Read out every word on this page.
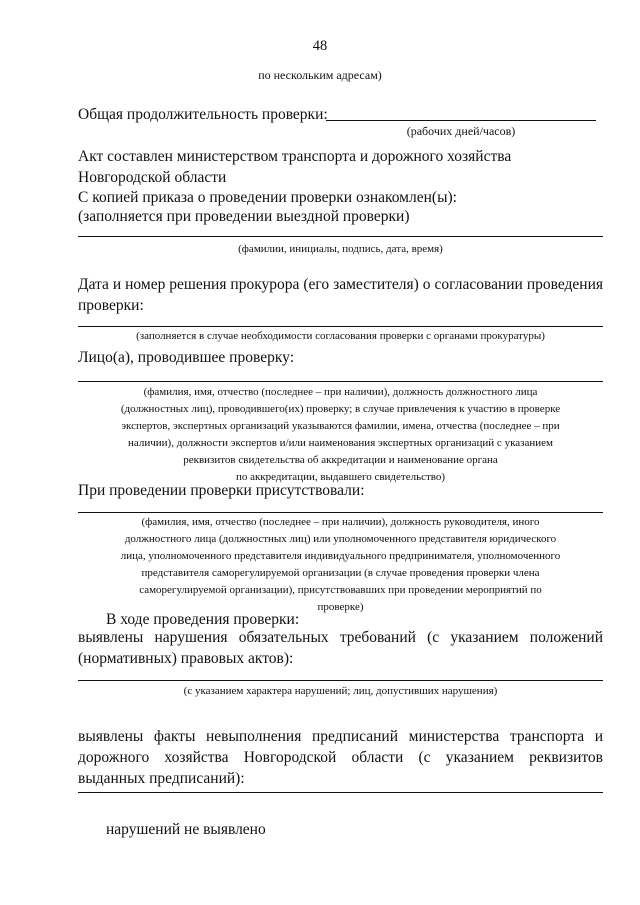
48
по нескольким адресам)
Общая продолжительность проверки:
(рабочих дней/часов)
Акт составлен министерством транспорта и дорожного хозяйства Новгородской области
С копией приказа о проведении проверки ознакомлен(ы):
(заполняется при проведении выездной проверки)
(фамилии, инициалы, подпись, дата, время)
Дата и номер решения прокурора (его заместителя) о согласовании проведения проверки:
(заполняется в случае необходимости согласования проверки с органами прокуратуры)
Лицо(а), проводившее проверку:
(фамилия, имя, отчество (последнее – при наличии), должность должностного лица
(должностных лиц), проводившего(их) проверку; в случае привлечения к участию в проверке
экспертов, экспертных организаций указываются фамилии, имена, отчества (последнее – при
наличии), должности экспертов и/или наименования экспертных организаций с указанием
реквизитов свидетельства об аккредитации и наименование органа
по аккредитации, выдавшего свидетельство)
При проведении проверки присутствовали:
(фамилия, имя, отчество (последнее – при наличии), должность руководителя, иного
должностного лица (должностных лиц) или уполномоченного представителя юридического
лица, уполномоченного представителя индивидуального предпринимателя, уполномоченного
представителя саморегулируемой организации (в случае проведения проверки члена
саморегулируемой организации), присутствовавших при проведении мероприятий по
проверке)
В ходе проведения проверки:
выявлены нарушения обязательных требований (с указанием положений (нормативных) правовых актов):
(с указанием характера нарушений; лиц, допустивших нарушения)
выявлены факты невыполнения предписаний министерства транспорта и дорожного хозяйства Новгородской области (с указанием реквизитов выданных предписаний):
нарушений не выявлено
